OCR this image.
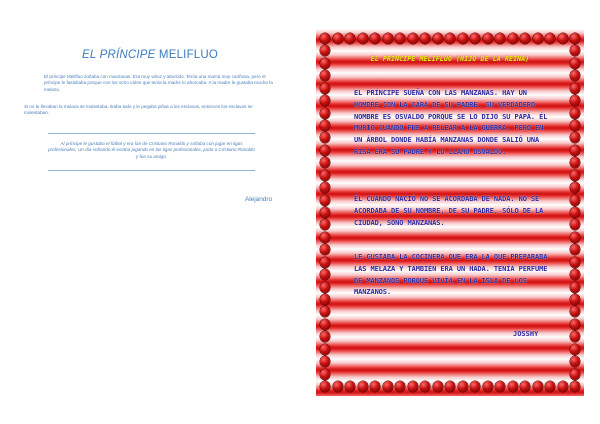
EL PRÍNCIPE MELIFLUO
El príncipe Melifluo soñaba con manzanas. Era muy veloz y aburrido. Tenía una mamá muy cariñosa, pero el príncipe le fastidiaba porque con los ocho oídos que tenía la madre lo ahorcaba. A la madre le gustaba mucho la melaza.
Si no le llevaban la melaza se molestaba, tiraba todo y le pegaba piñas a los esclavos, entonces los esclavos se molestaban.
Al príncipe le gustaba el fútbol y era fan de Cristiano Ronaldo y soñaba con jugar en ligas profesionales. Un día soñando él estaba jugando en las ligas profesionales, junto a Cristiano Ronaldo y fue su amigo.
Alejandro
EL PRÍNCIPE MELIFLUO (HIJO DE LA REINA)
EL PRÍNCIPE SUEÑA CON LAS MANZANAS. HAY UN HOMBRE CON LA CARA DE SU PADRE. SU VERDADERO NOMBRE ES OSVALDO PORQUE SE LO DIJO SU PAPÁ. ÉL MURIÓ CUANDO FUE A PELEAR A LA GUERRA. PERO EN UN ÁRBOL DONDE HABÍA MANZANAS DONDE SALIÓ UNA RISA ERA SU PADRE Y LO LLAMÓ OSVALDO.
ÉL CUANDO NACIÓ NO SE ACORDABA DE NADA. NO SE ACORDABA DE SU NOMBRE, DE SU PADRE, SÓLO DE LA CIUDAD, SOÑÓ MANZANAS.
LE GUSTABA LA COCINERA QUE ERA LA QUE PREPARABA LAS MELAZA Y TAMBIÉN ERA UN HADA. TENÍA PERFUME DE MANZANOS PORQUE VIVÍA EN LA ISLA DE LOS MANZANOS.
JOSSHY
